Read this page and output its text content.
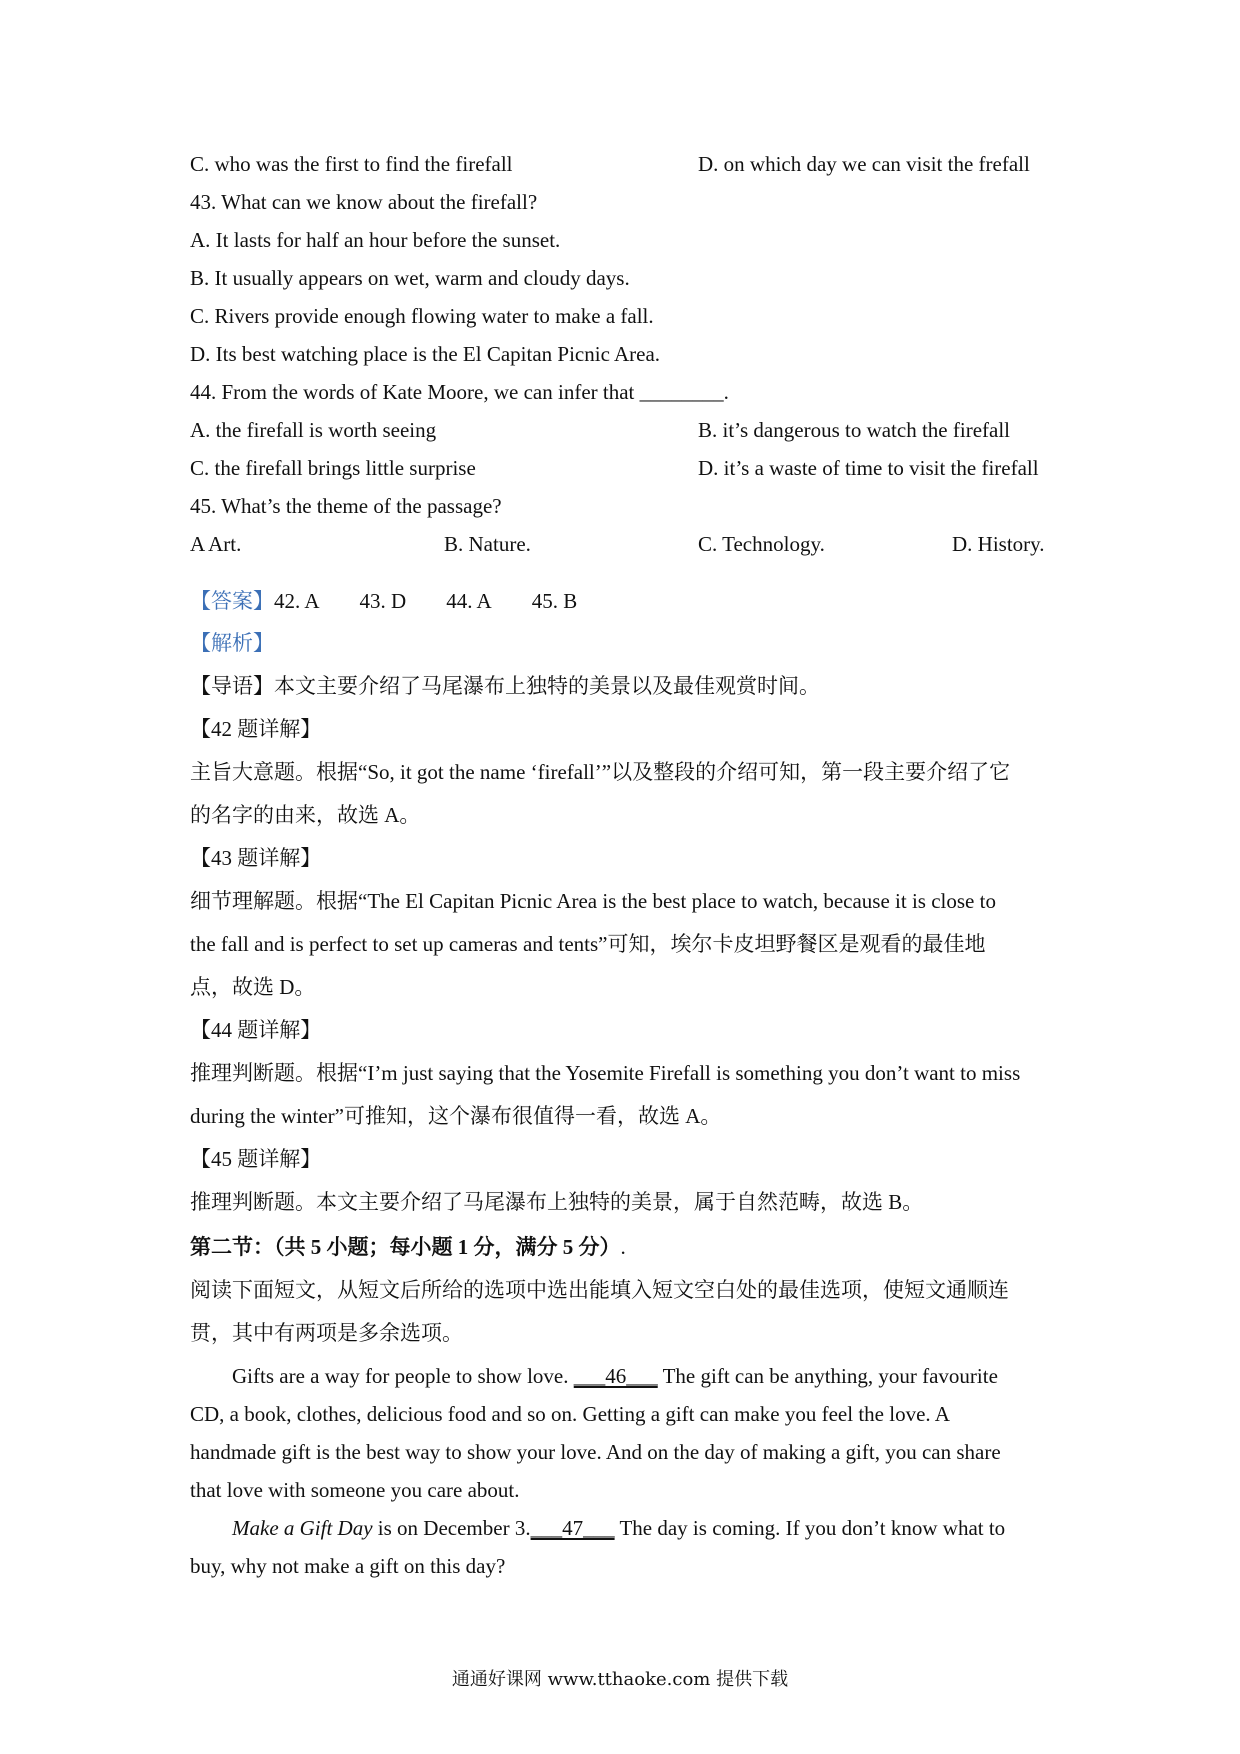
C. who was the first to find the firefall	D. on which day we can visit the frefall
43. What can we know about the firefall?
A. It lasts for half an hour before the sunset.
B. It usually appears on wet, warm and cloudy days.
C. Rivers provide enough flowing water to make a fall.
D. Its best watching place is the El Capitan Picnic Area.
44. From the words of Kate Moore, we can infer that ________.
A. the firefall is worth seeing	B. it’s dangerous to watch the firefall
C. the firefall brings little surprise	D. it’s a waste of time to visit the firefall
45. What’s the theme of the passage?
A Art.	B. Nature.	C. Technology.	D. History.
【答案】42. A 43. D 44. A 45. B
【解析】
【导语】本文主要介绍了马尾瀑布上独特的美景以及最佳观赏时间。
【42 题详解】
主旨大意题。根据“So, it got the name ‘firefall’”以及整段的介绍可知，第一段主要介绍了它
的名字的由来，故选 A。
【43 题详解】
细节理解题。根据“The El Capitan Picnic Area is the best place to watch, because it is close to
the fall and is perfect to set up cameras and tents”可知，埃尔卡皮坦野餐区是观看的最佳地
点，故选 D。
【44 题详解】
推理判断题。根据“I’m just saying that the Yosemite Firefall is something you don’t want to miss
during the winter”可推知，这个瀑布很值得一看，故选 A。
【45 题详解】
推理判断题。本文主要介绍了马尾瀑布上独特的美景，属于自然范畴，故选 B。
第二节：（共 5 小题；每小题 1 分，满分 5 分）.
阅读下面短文，从短文后所给的选项中选出能填入短文空白处的最佳选项，使短文通顺连
贯，其中有两项是多余选项。
Gifts are a way for people to show love. ___46___ The gift can be anything, your favourite
CD, a book, clothes, delicious food and so on. Getting a gift can make you feel the love. A
handmade gift is the best way to show your love. And on the day of making a gift, you can share
that love with someone you care about.
Make a Gift Day is on December 3.___47___ The day is coming. If you don’t know what to
buy, why not make a gift on this day?
通通好课网 www.tthaoke.com 提供下载
